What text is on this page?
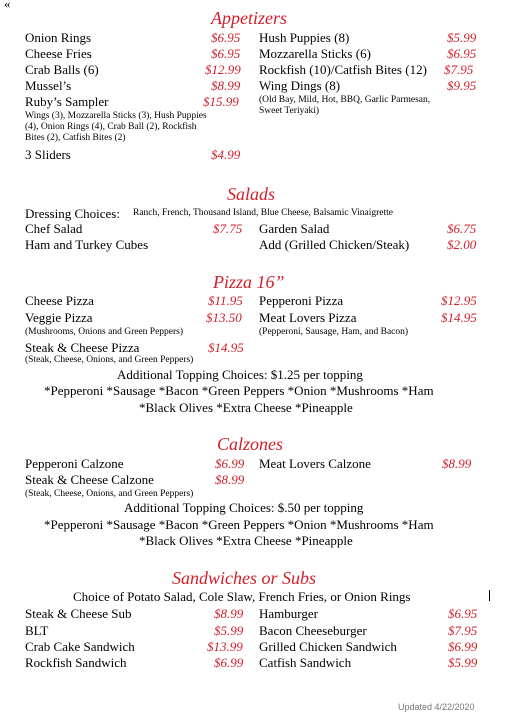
«
Appetizers
Onion Rings	$6.95
Cheese Fries	$6.95
Crab Balls (6)	$12.99
Mussel’s	$8.99
Ruby’s Sampler	$15.99
Wings (3), Mozzarella Sticks (3), Hush Puppies
(4), Onion Rings (4), Crab Ball (2), Rockfish
Bites (2), Catfish Bites (2)
3 Sliders	$4.99
Hush Puppies (8)	$5.99
Mozzarella Sticks (6)	$6.95
Rockfish (10)/Catfish Bites (12) $7.95
Wing Dings (8)	$9.95
(Old Bay, Mild, Hot, BBQ, Garlic Parmesan,
Sweet Teriyaki)
Salads
Dressing Choices: Ranch, French, Thousand Island, Blue Cheese, Balsamic Vinaigrette
Chef Salad	$7.75
Ham and Turkey Cubes
Garden Salad	$6.75
Add (Grilled Chicken/Steak)	$2.00
Pizza 16”
Cheese Pizza	$11.95
Veggie Pizza	$13.50
(Mushrooms, Onions and Green Peppers)
Steak & Cheese Pizza	$14.95
(Steak, Cheese, Onions, and Green Peppers)
Pepperoni Pizza	$12.95
Meat Lovers Pizza	$14.95
(Pepperoni, Sausage, Ham, and Bacon)
Additional Topping Choices: $1.25 per topping
*Pepperoni *Sausage *Bacon *Green Peppers *Onion *Mushrooms *Ham
*Black Olives *Extra Cheese *Pineapple
Calzones
Pepperoni Calzone	$6.99
Steak & Cheese Calzone	$8.99
(Steak, Cheese, Onions, and Green Peppers)
Meat Lovers Calzone	$8.99
Additional Topping Choices: $.50 per topping
*Pepperoni *Sausage *Bacon *Green Peppers *Onion *Mushrooms *Ham
*Black Olives *Extra Cheese *Pineapple
Sandwiches or Subs
Choice of Potato Salad, Cole Slaw, French Fries, or Onion Rings
Steak & Cheese Sub	$8.99
BLT	$5.99
Crab Cake Sandwich	$13.99
Rockfish Sandwich	$6.99
Hamburger	$6.95
Bacon Cheeseburger	$7.95
Grilled Chicken Sandwich	$6.99
Catfish Sandwich	$5.99
Updated 4/22/2020
